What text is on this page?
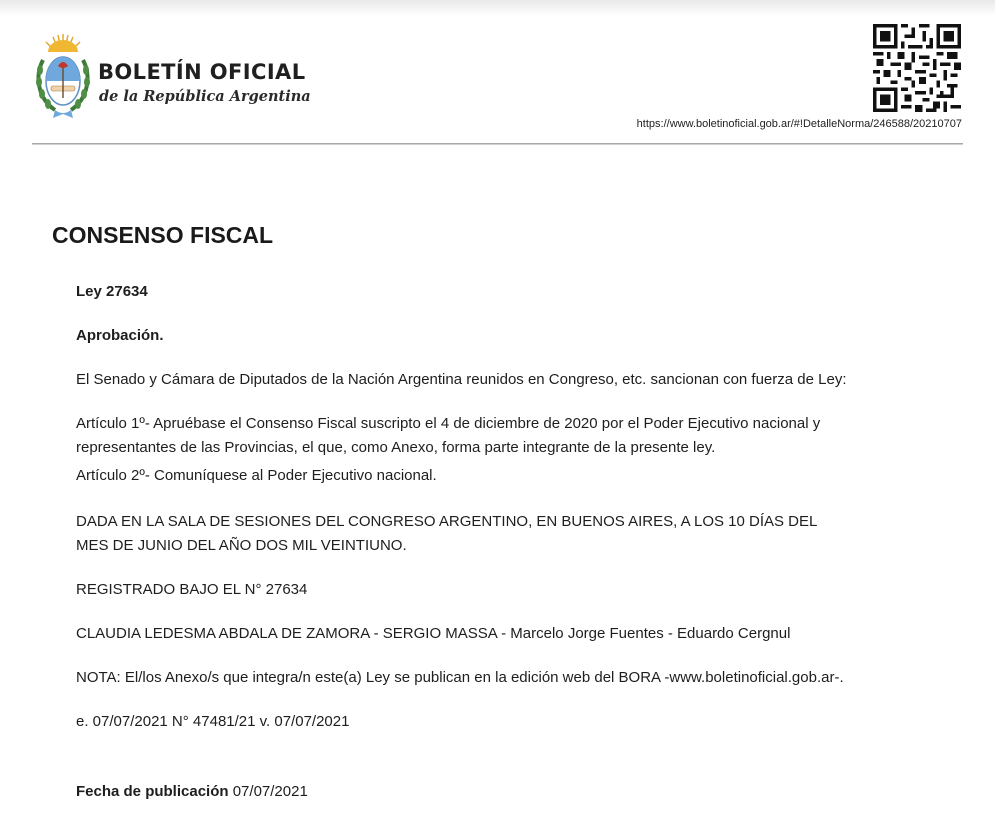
BOLETÍN OFICIAL
de la República Argentina
https://www.boletinoficial.gob.ar/#!DetalleNorma/246588/20210707
CONSENSO FISCAL

Ley 27634

Aprobación.

El Senado y Cámara de Diputados de la Nación Argentina reunidos en Congreso, etc. sancionan con fuerza de Ley:

Artículo 1º- Apruébase el Consenso Fiscal suscripto el 4 de diciembre de 2020 por el Poder Ejecutivo nacional y
representantes de las Provincias, el que, como Anexo, forma parte integrante de la presente ley.

Artículo 2º- Comuníquese al Poder Ejecutivo nacional.

DADA EN LA SALA DE SESIONES DEL CONGRESO ARGENTINO, EN BUENOS AIRES, A LOS 10 DÍAS DEL
MES DE JUNIO DEL AÑO DOS MIL VEINTIUNO.

REGISTRADO BAJO EL N° 27634

CLAUDIA LEDESMA ABDALA DE ZAMORA - SERGIO MASSA - Marcelo Jorge Fuentes - Eduardo Cergnul

NOTA: El/los Anexo/s que integra/n este(a) Ley se publican en la edición web del BORA -www.boletinoficial.gob.ar-.

e. 07/07/2021 N° 47481/21 v. 07/07/2021

Fecha de publicación 07/07/2021
